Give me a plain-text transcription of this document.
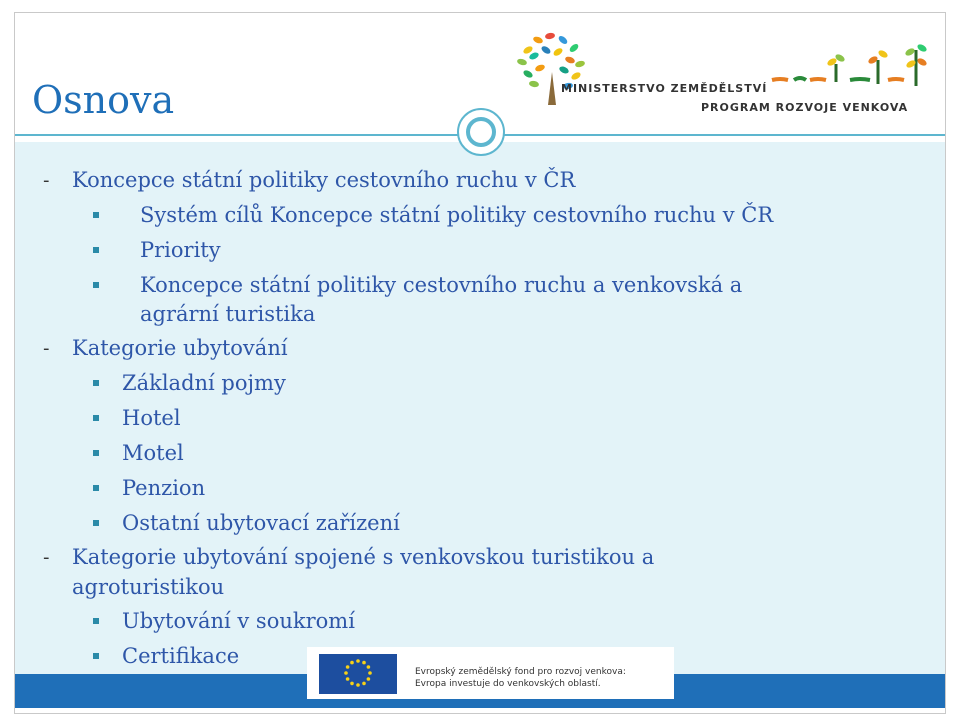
Osnova	MINISTERSTVO ZEMĚDĚLSTVÍ
PROGRAM ROZVOJE VENKOVA
- Koncepce státní politiky cestovního ruchu v ČR
Systém cílů Koncepce státní politiky cestovního ruchu v ČR
Priority
Koncepce státní politiky cestovního ruchu a venkovská a
agrární turistika
- Kategorie ubytování
Základní pojmy
Hotel
Motel
Penzion
Ostatní ubytovací zařízení
- Kategorie ubytování spojené s venkovskou turistikou a
agroturistikou
Ubytování v soukromí
Certifikace
Evropský zemědělský fond pro rozvoj venkova:
Evropa investuje do venkovských oblastí.
